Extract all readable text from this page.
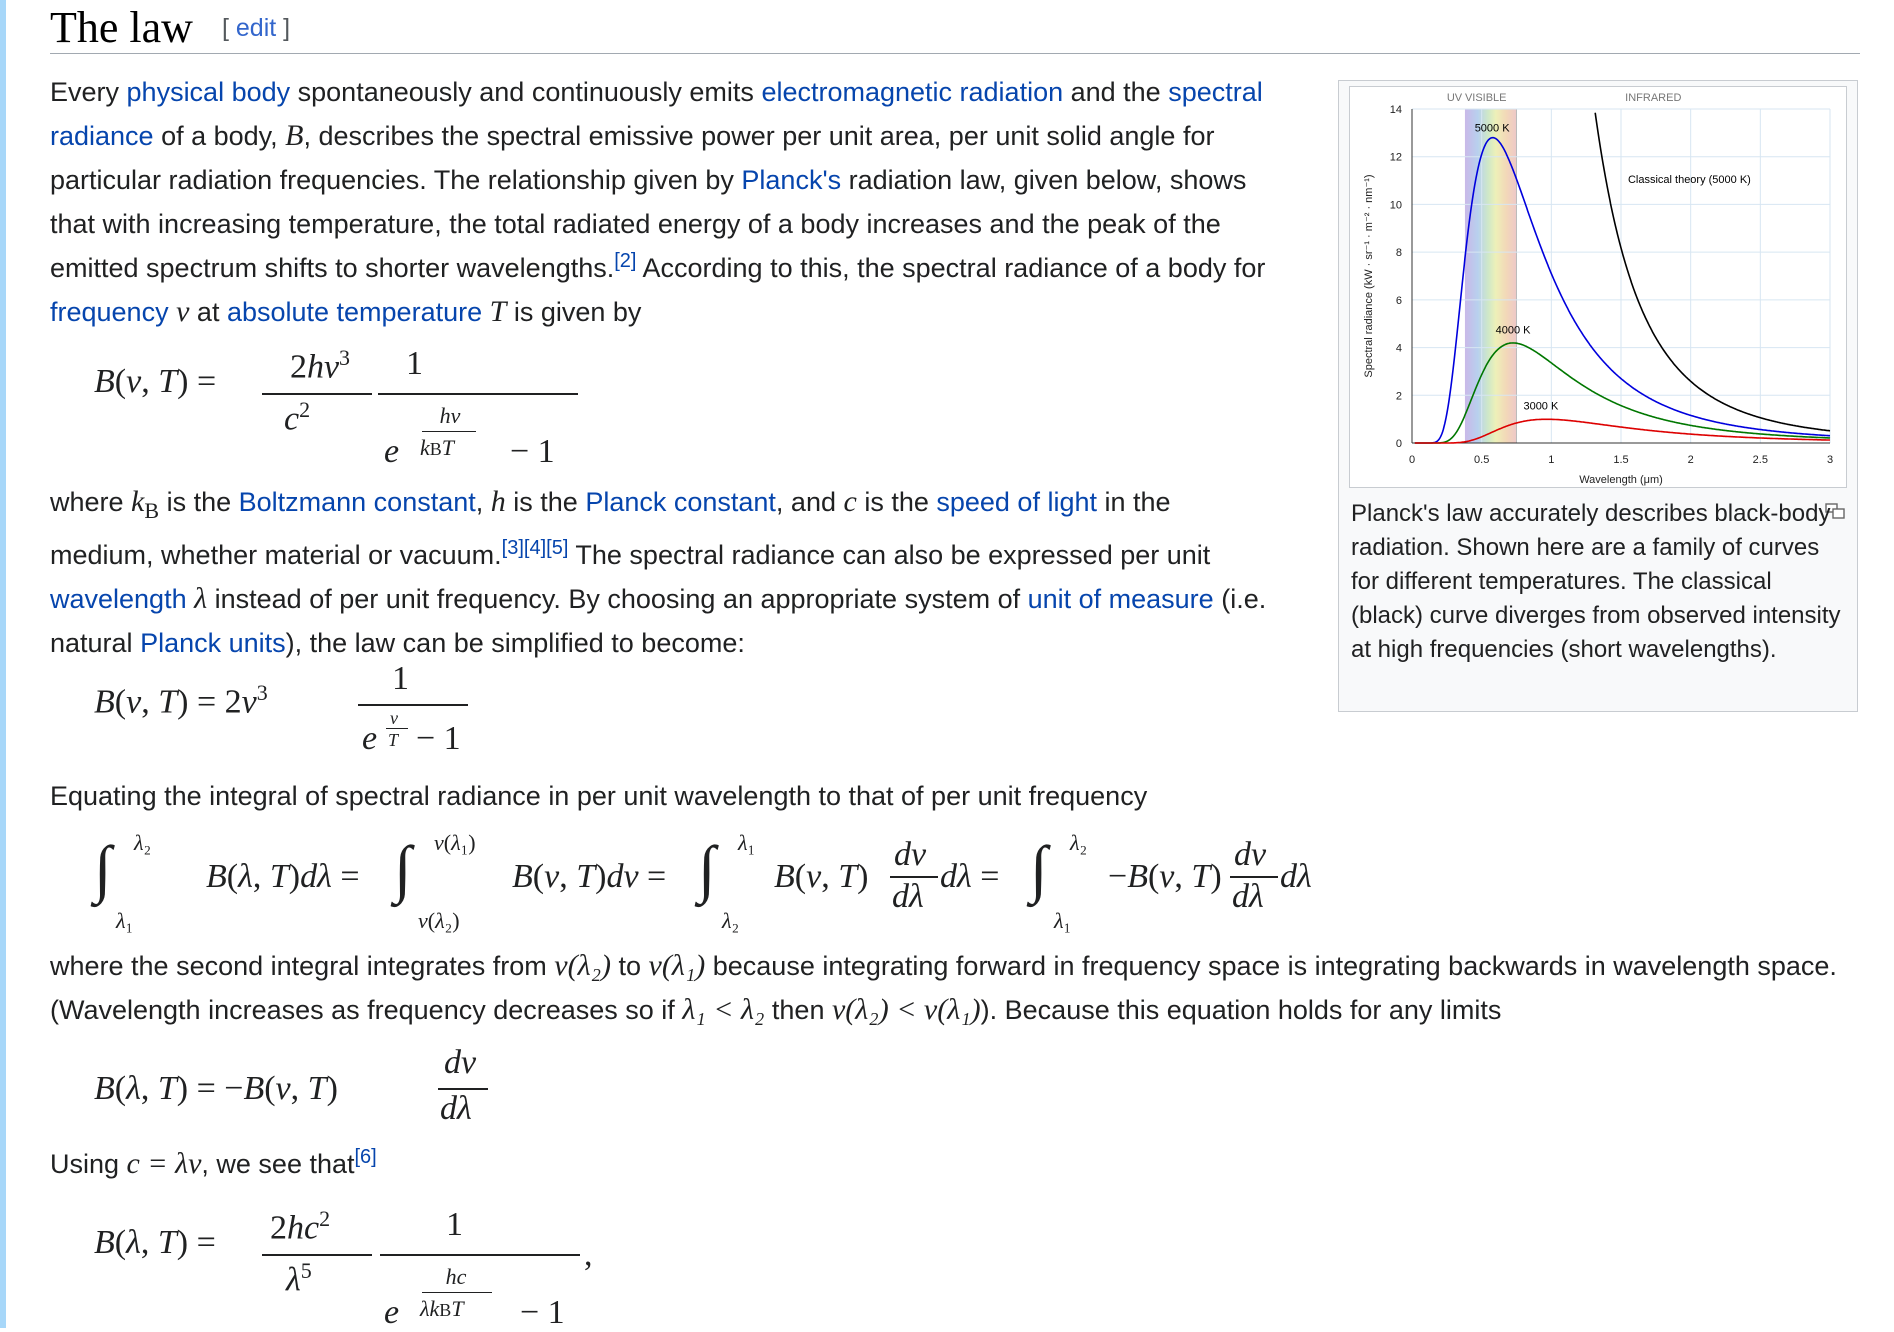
The law [ edit ]

Every physical body spontaneously and continuously emits electromagnetic radiation and the spectral radiance of a body, B, describes the spectral emissive power per unit area, per unit solid angle for particular radiation frequencies. The relationship given by Planck's radiation law, given below, shows that with increasing temperature, the total radiated energy of a body increases and the peak of the emitted spectrum shifts to shorter wavelengths.[2] According to this, the spectral radiance of a body for frequency ν at absolute temperature T is given by

B(ν, T) =	$2h\nu^3$
$c^2$
1
e
hν
kBT − 1

where $k_B$ is the Boltzmann constant, h is the Planck constant, and c is the speed of light in the medium, whether material or vacuum.[3][4][5] The spectral radiance can also be expressed per unit wavelength λ instead of per unit frequency. By choosing an appropriate system of unit of measure (i.e. natural Planck units), the law can be simplified to become:

B(ν, $T) = 2\nu^3$	1
e
ν
T − 1

Equating the integral of spectral radiance in per unit wavelength to that of per unit frequency

∫ λ₂
λ₁
B(λ, T)dλ = ∫ ν(λ₁)
ν(λ₂)
B(ν, T)dν = ∫ λ₁
λ₂
B(ν, T)
dν
dλ
dλ = ∫ λ₂
λ₁
−B(ν, T)
dν
dλ
dλ

where the second integral integrates from ν(λ₂) to ν(λ₁) because integrating forward in frequency space is integrating backwards in wavelength space. (Wavelength increases as frequency decreases so if λ₁ < λ₂ then ν(λ₂) < ν(λ₁)). Because this equation holds for any limits

B(λ, T) = −B(ν, T)
dν
dλ

Using c = λν, we see that[6]

B(λ, $T) = 2hc^2$
$\lambda^5$
1
e
hc
λkBT − 1
,
UV VISIBLE	INFRARED
0	0.5	1	1.5	2	2.5	3
0
2
4
6
8
10
12
14
Wavelength (μm)
Spectral radiance (kW · sr⁻¹ · m⁻² · nm⁻¹)
5000 K
4000 K
3000 K
Classical theory (5000 K)
Planck's law accurately describes black-body radiation. Shown here are a family of curves for different temperatures. The classical (black) curve diverges from observed intensity at high frequencies (short wavelengths).
